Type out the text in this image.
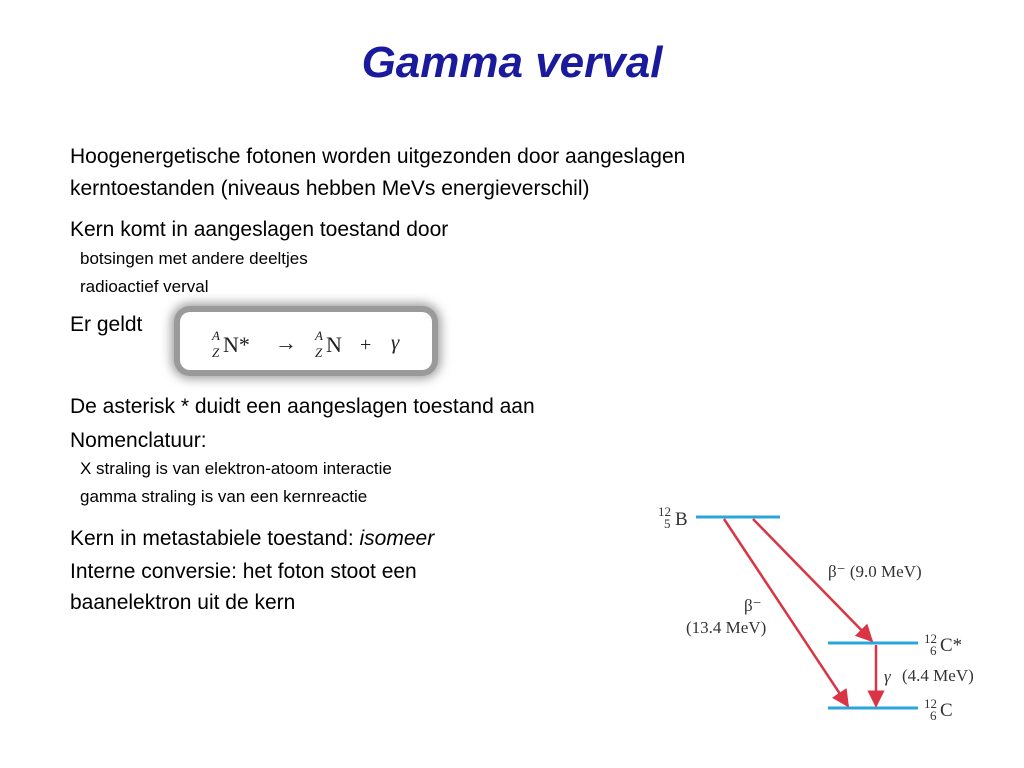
Gamma verval
Hoogenergetische fotonen worden uitgezonden door aangeslagen
kerntoestanden (niveaus hebben MeVs energieverschil)
Kern komt in aangeslagen toestand door
botsingen met andere deeltjes
radioactief verval
Er geldt	A
Z N* → A
Z N + γ
De asterisk * duidt een aangeslagen toestand aan
Nomenclatuur:
X straling is van elektron-atoom interactie
gamma straling is van een kernreactie
Kern in metastabiele toestand: isomeer
Interne conversie: het foton stoot een
baanelektron uit de kern
12
5 B
12
6 C*
12
6 C
β⁻ (9.0 MeV)
β⁻
(13.4 MeV)
γ (4.4 MeV)
